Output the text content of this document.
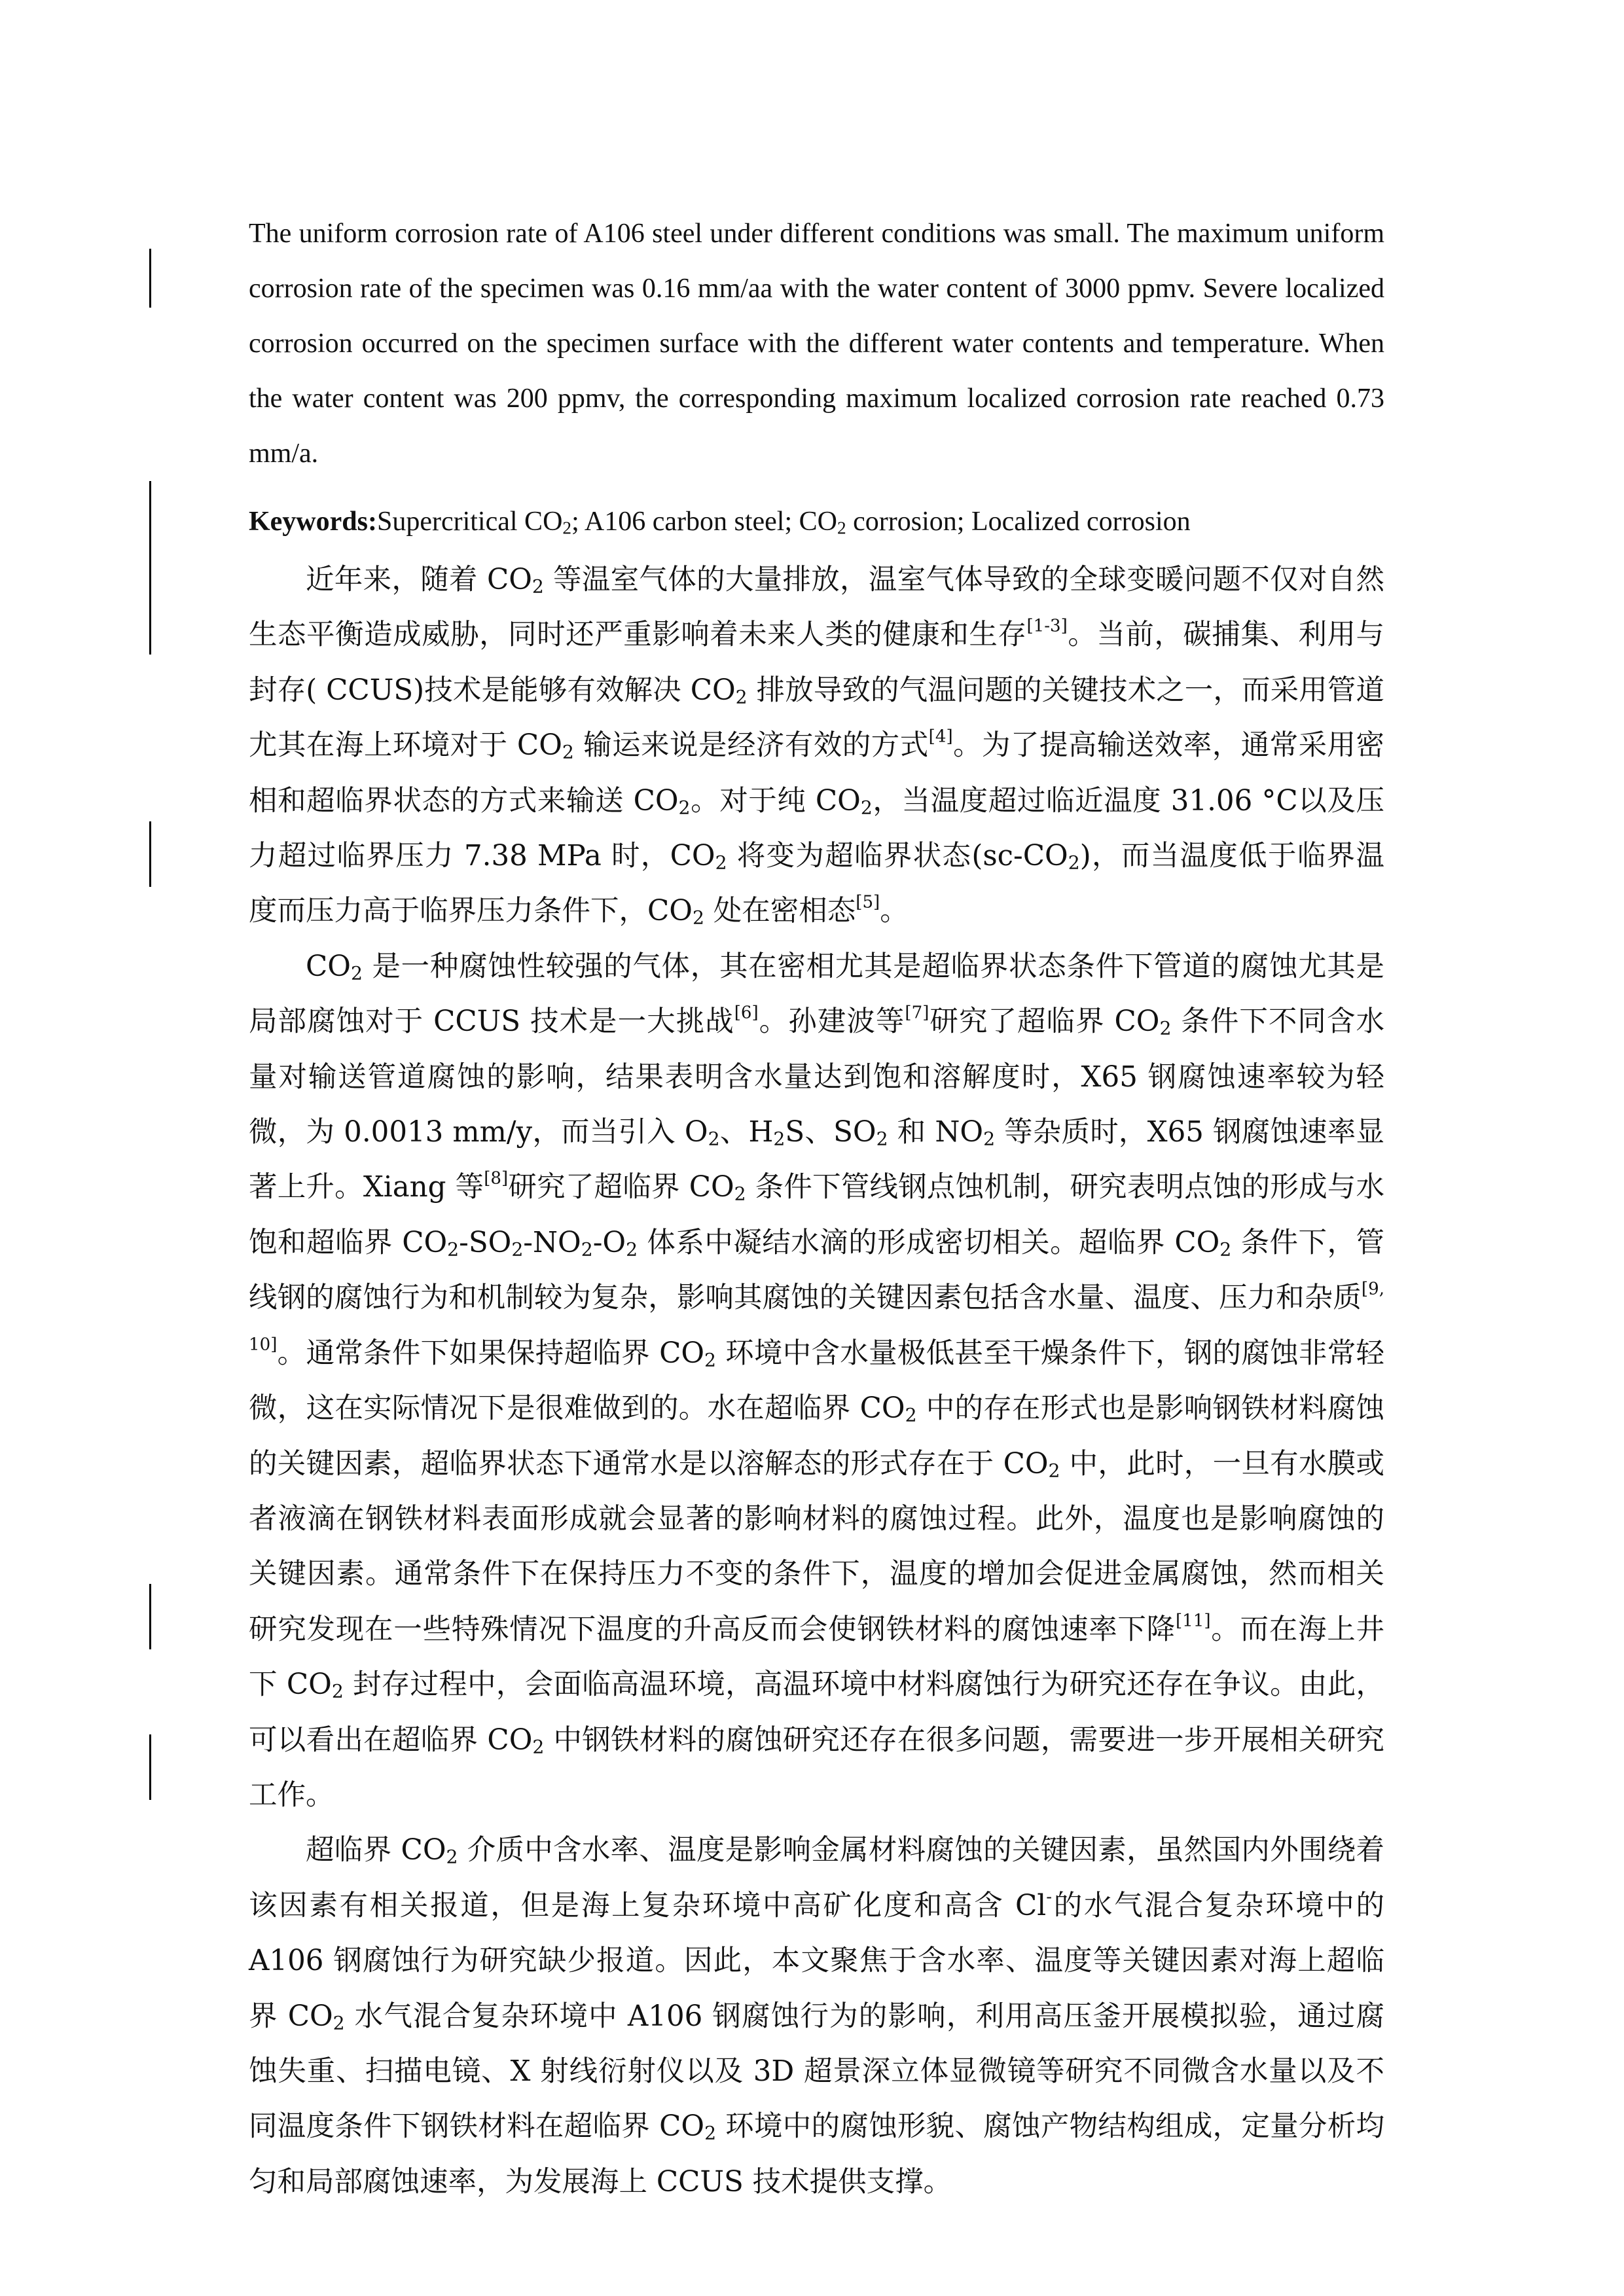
The uniform corrosion rate of A106 steel under different conditions was small. The maximum uniform corrosion rate of the specimen was 0.16 mm/aa with the water content of 3000 ppmv. Severe localized corrosion occurred on the specimen surface with the different water contents and temperature. When the water content was 200 ppmv, the corresponding maximum localized corrosion rate reached 0.73 mm/a.
Keywords:Supercritical $CO_2$; A106 carbon steel; $CO_2$ corrosion; Localized corrosion

近年来，随着 $CO_2$ 等温室气体的大量排放，温室气体导致的全球变暖问题不仅对自然生态平衡造成威胁，同时还严重影响着未来人类的健康和生存[1-3]。当前，碳捕集、利用与封存( CCUS)技术是能够有效解决 $CO_2$ 排放导致的气温问题的关键技术之一，而采用管道尤其在海上环境对于 $CO_2$ 输运来说是经济有效的方式[4]。为了提高输送效率，通常采用密相和超临界状态的方式来输送 $CO_2$。对于纯 $CO_2$，当温度超过临近温度 31.06 °C以及压力超过临界压力 7.38 MPa 时，$CO_2$ 将变为超临界状态$(sc-CO_2)$，而当温度低于临界温度而压力高于临界压力条件下，$CO_2$ 处在密相态[5]。

$CO_2$ 是一种腐蚀性较强的气体，其在密相尤其是超临界状态条件下管道的腐蚀尤其是局部腐蚀对于 CCUS 技术是一大挑战[6]。孙建波等[7]研究了超临界 $CO_2$ 条件下不同含水量对输送管道腐蚀的影响，结果表明含水量达到饱和溶解度时，X65 钢腐蚀速率较为轻微，为 0.0013 mm/y，而当引入 $O_2$、$H_2S$、$SO_2$ 和 $NO_2$ 等杂质时，X65 钢腐蚀速率显著上升。Xiang 等[8]研究了超临界 $CO_2$ 条件下管线钢点蚀机制，研究表明点蚀的形成与水饱和超临界 $CO_2-SO_2-NO_2-O_2$ 体系中凝结水滴的形成密切相关。超临界 $CO_2$ 条件下，管线钢的腐蚀行为和机制较为复杂，影响其腐蚀的关键因素包括含水量、温度、压力和杂质[9, 10]。通常条件下如果保持超临界 $CO_2$ 环境中含水量极低甚至干燥条件下，钢的腐蚀非常轻微，这在实际情况下是很难做到的。水在超临界 $CO_2$ 中的存在形式也是影响钢铁材料腐蚀的关键因素，超临界状态下通常水是以溶解态的形式存在于 $CO_2$ 中，此时，一旦有水膜或者液滴在钢铁材料表面形成就会显著的影响材料的腐蚀过程。此外，温度也是影响腐蚀的关键因素。通常条件下在保持压力不变的条件下，温度的增加会促进金属腐蚀，然而相关研究发现在一些特殊情况下温度的升高反而会使钢铁材料的腐蚀速率下降[11]。而在海上井下 $CO_2$ 封存过程中，会面临高温环境，高温环境中材料腐蚀行为研究还存在争议。由此，可以看出在超临界 $CO_2$ 中钢铁材料的腐蚀研究还存在很多问题，需要进一步开展相关研究工作。

超临界 $CO_2$ 介质中含水率、温度是影响金属材料腐蚀的关键因素，虽然国内外围绕着该因素有相关报道，但是海上复杂环境中高矿化度和高含 Cl-的水气混合复杂环境中的 A106 钢腐蚀行为研究缺少报道。因此，本文聚焦于含水率、温度等关键因素对海上超临界 $CO_2$ 水气混合复杂环境中 A106 钢腐蚀行为的影响，利用高压釜开展模拟验，通过腐蚀失重、扫描电镜、X 射线衍射仪以及 3D 超景深立体显微镜等研究不同微含水量以及不同温度条件下钢铁材料在超临界 $CO_2$ 环境中的腐蚀形貌、腐蚀产物结构组成，定量分析均匀和局部腐蚀速率，为发展海上 CCUS 技术提供支撑。
